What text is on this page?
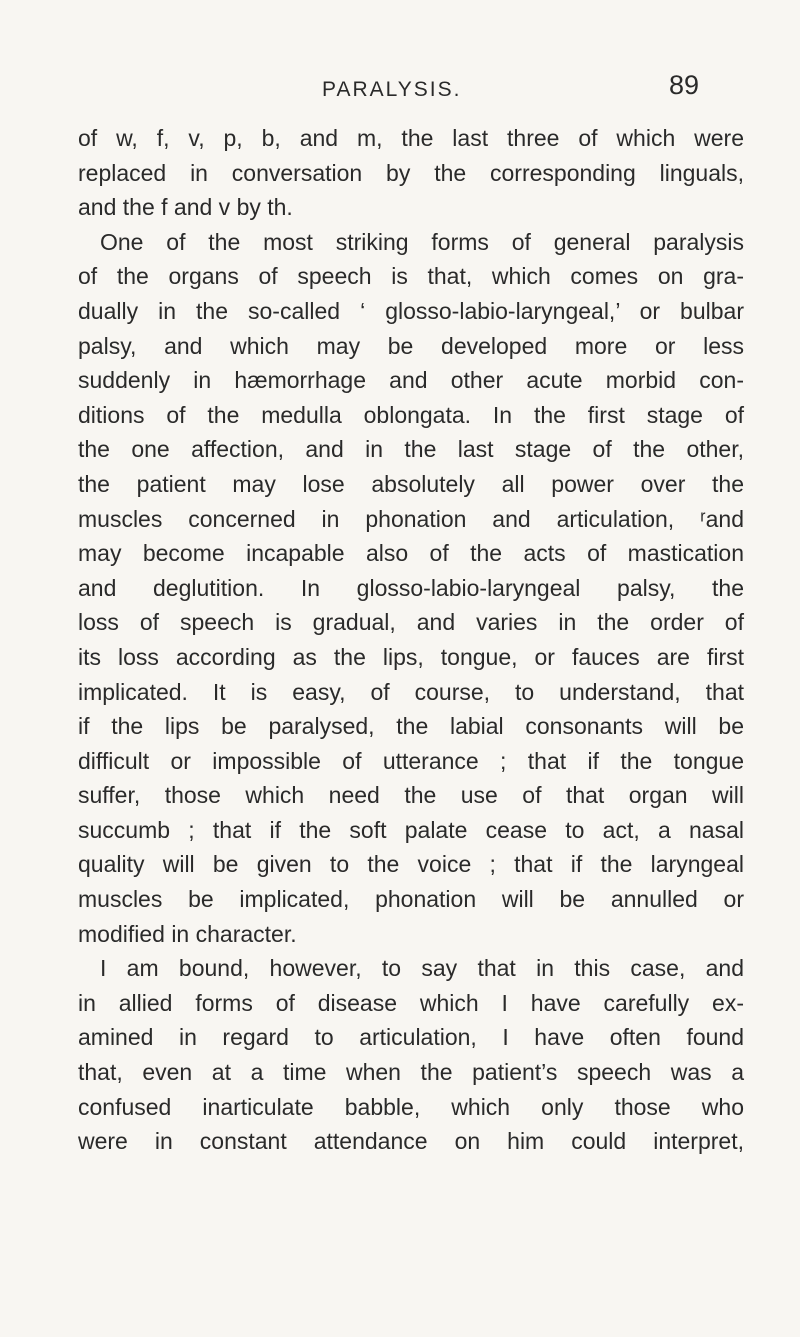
PARALYSIS.	89
of w, f, v, p, b, and m, the last three of which were
replaced in conversation by the corresponding linguals,
and the f and v by th.
One of the most striking forms of general paralysis
of the organs of speech is that, which comes on gra-
dually in the so-called ‘ glosso-labio-laryngeal,’ or bulbar
palsy, and which may be developed more or less
suddenly in hæmorrhage and other acute morbid con-
ditions of the medulla oblongata. In the first stage of
the one affection, and in the last stage of the other,
the patient may lose absolutely all power over the
muscles concerned in phonation and articulation, ʳand
may become incapable also of the acts of mastication
and deglutition. In glosso-labio-laryngeal palsy, the
loss of speech is gradual, and varies in the order of
its loss according as the lips, tongue, or fauces are first
implicated. It is easy, of course, to understand, that
if the lips be paralysed, the labial consonants will be
difficult or impossible of utterance ; that if the tongue
suffer, those which need the use of that organ will
succumb ; that if the soft palate cease to act, a nasal
quality will be given to the voice ; that if the laryngeal
muscles be implicated, phonation will be annulled or
modified in character.
I am bound, however, to say that in this case, and
in allied forms of disease which I have carefully ex-
amined in regard to articulation, I have often found
that, even at a time when the patient’s speech was a
confused inarticulate babble, which only those who
were in constant attendance on him could interpret,
